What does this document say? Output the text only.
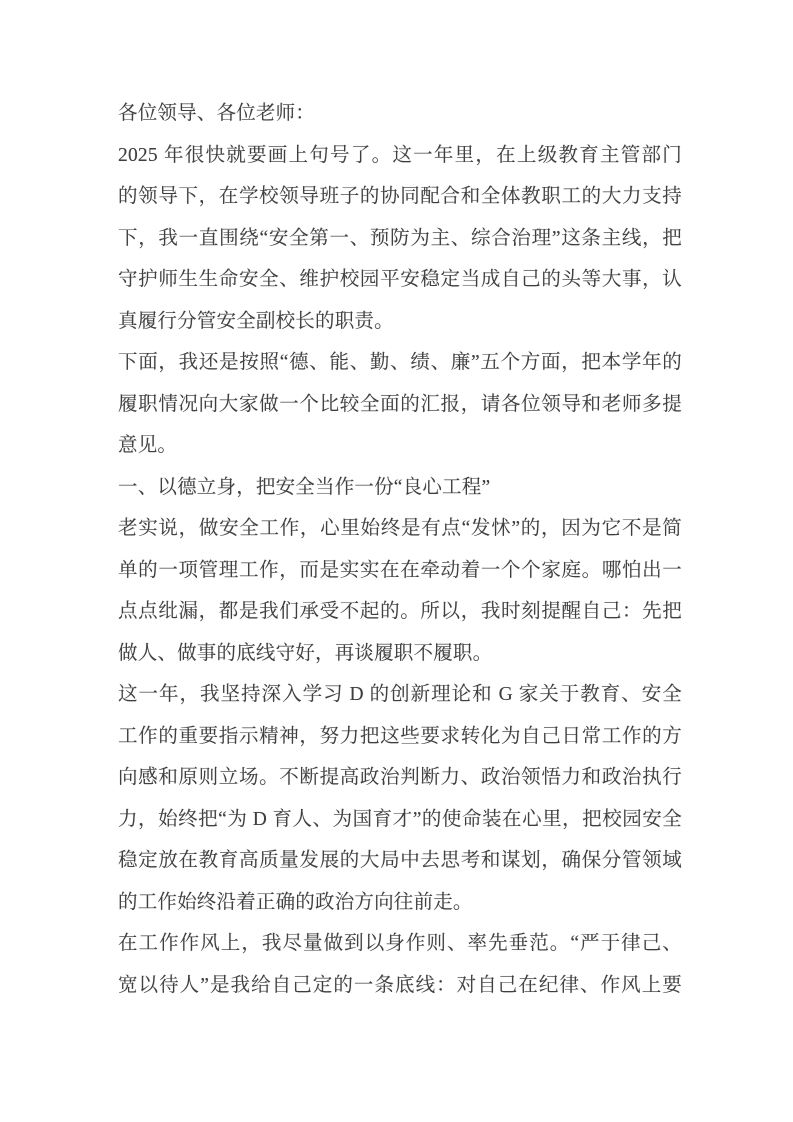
各位领导、各位老师：
2025 年很快就要画上句号了。这一年里，在上级教育主管部门
的领导下，在学校领导班子的协同配合和全体教职工的大力支持
下，我一直围绕“安全第一、预防为主、综合治理”这条主线，把
守护师生生命安全、维护校园平安稳定当成自己的头等大事，认
真履行分管安全副校长的职责。
下面，我还是按照“德、能、勤、绩、廉”五个方面，把本学年的
履职情况向大家做一个比较全面的汇报，请各位领导和老师多提
意见。
一、以德立身，把安全当作一份“良心工程”
老实说，做安全工作，心里始终是有点“发怵”的，因为它不是简
单的一项管理工作，而是实实在在牵动着一个个家庭。哪怕出一
点点纰漏，都是我们承受不起的。所以，我时刻提醒自己：先把
做人、做事的底线守好，再谈履职不履职。
这一年，我坚持深入学习 D 的创新理论和 G 家关于教育、安全
工作的重要指示精神，努力把这些要求转化为自己日常工作的方
向感和原则立场。不断提高政治判断力、政治领悟力和政治执行
力，始终把“为 D 育人、为国育才”的使命装在心里，把校园安全
稳定放在教育高质量发展的大局中去思考和谋划，确保分管领域
的工作始终沿着正确的政治方向往前走。
在工作作风上，我尽量做到以身作则、率先垂范。“严于律己、
宽以待人”是我给自己定的一条底线：对自己在纪律、作风上要
